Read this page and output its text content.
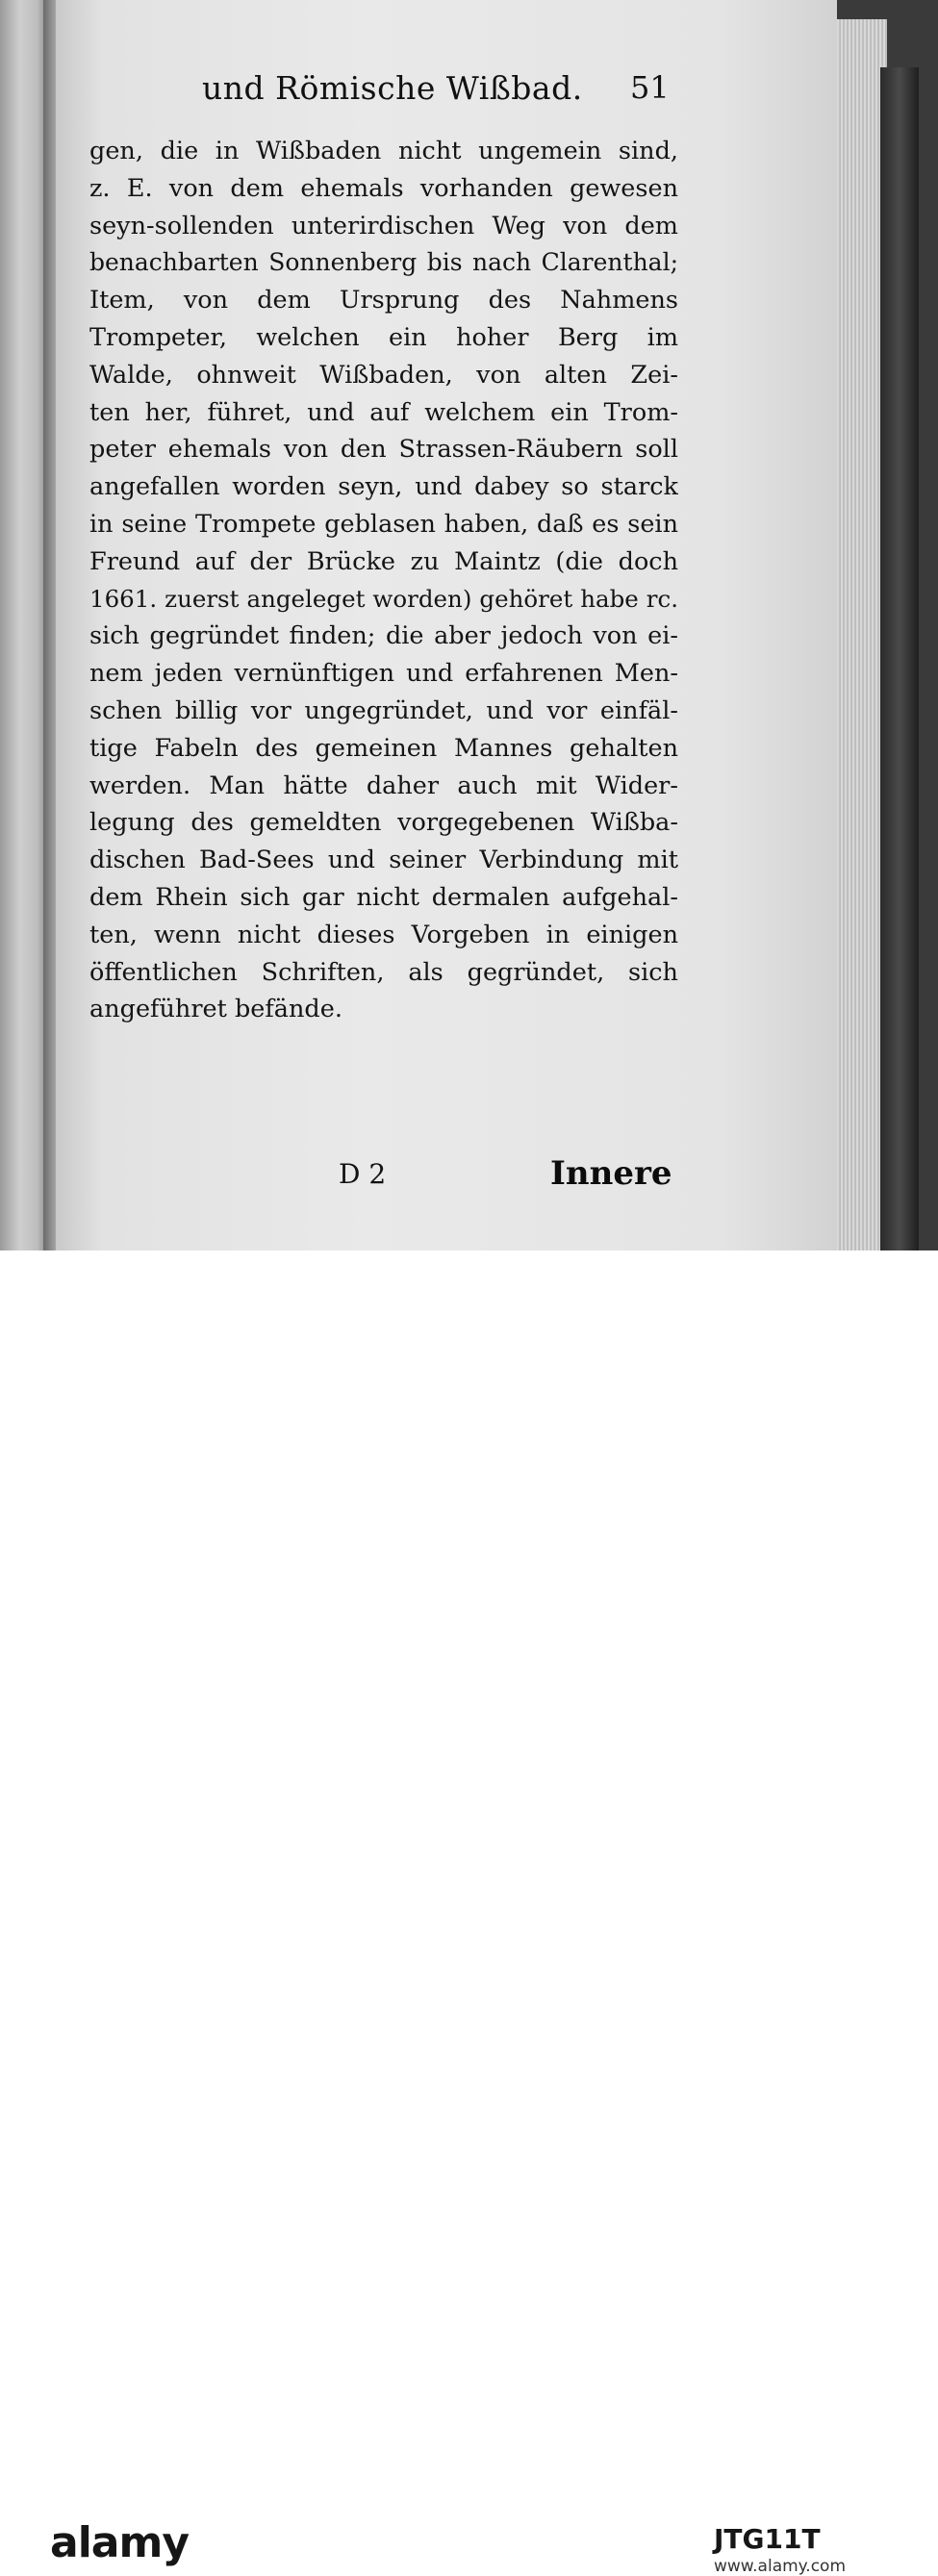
und Römische Wißbad. 51
gen, die in Wißbaden nicht ungemein sind,
z. E. von dem ehemals vorhanden gewesen
seyn-sollenden unterirdischen Weg von dem
benachbarten Sonnenberg bis nach Clarenthal;
Item, von dem Ursprung des Nahmens
Trompeter, welchen ein hoher Berg im
Walde, ohnweit Wißbaden, von alten Zei-
ten her, führet, und auf welchem ein Trom-
peter ehemals von den Strassen-Räubern soll
angefallen worden seyn, und dabey so starck
in seine Trompete geblasen haben, daß es sein
Freund auf der Brücke zu Maintz (die doch
1661. zuerst angeleget worden) gehöret habe rc.
sich gegründet finden; die aber jedoch von ei-
nem jeden vernünftigen und erfahrenen Men-
schen billig vor ungegründet, und vor einfäl-
tige Fabeln des gemeinen Mannes gehalten
werden. Man hätte daher auch mit Wider-
legung des gemeldten vorgegebenen Wißba-
dischen Bad-Sees und seiner Verbindung mit
dem Rhein sich gar nicht dermalen aufgehal-
ten, wenn nicht dieses Vorgeben in einigen
öffentlichen Schriften, als gegründet, sich
angeführet befände.
D 2	Innere
alamy	JTG11T
www.alamy.com
